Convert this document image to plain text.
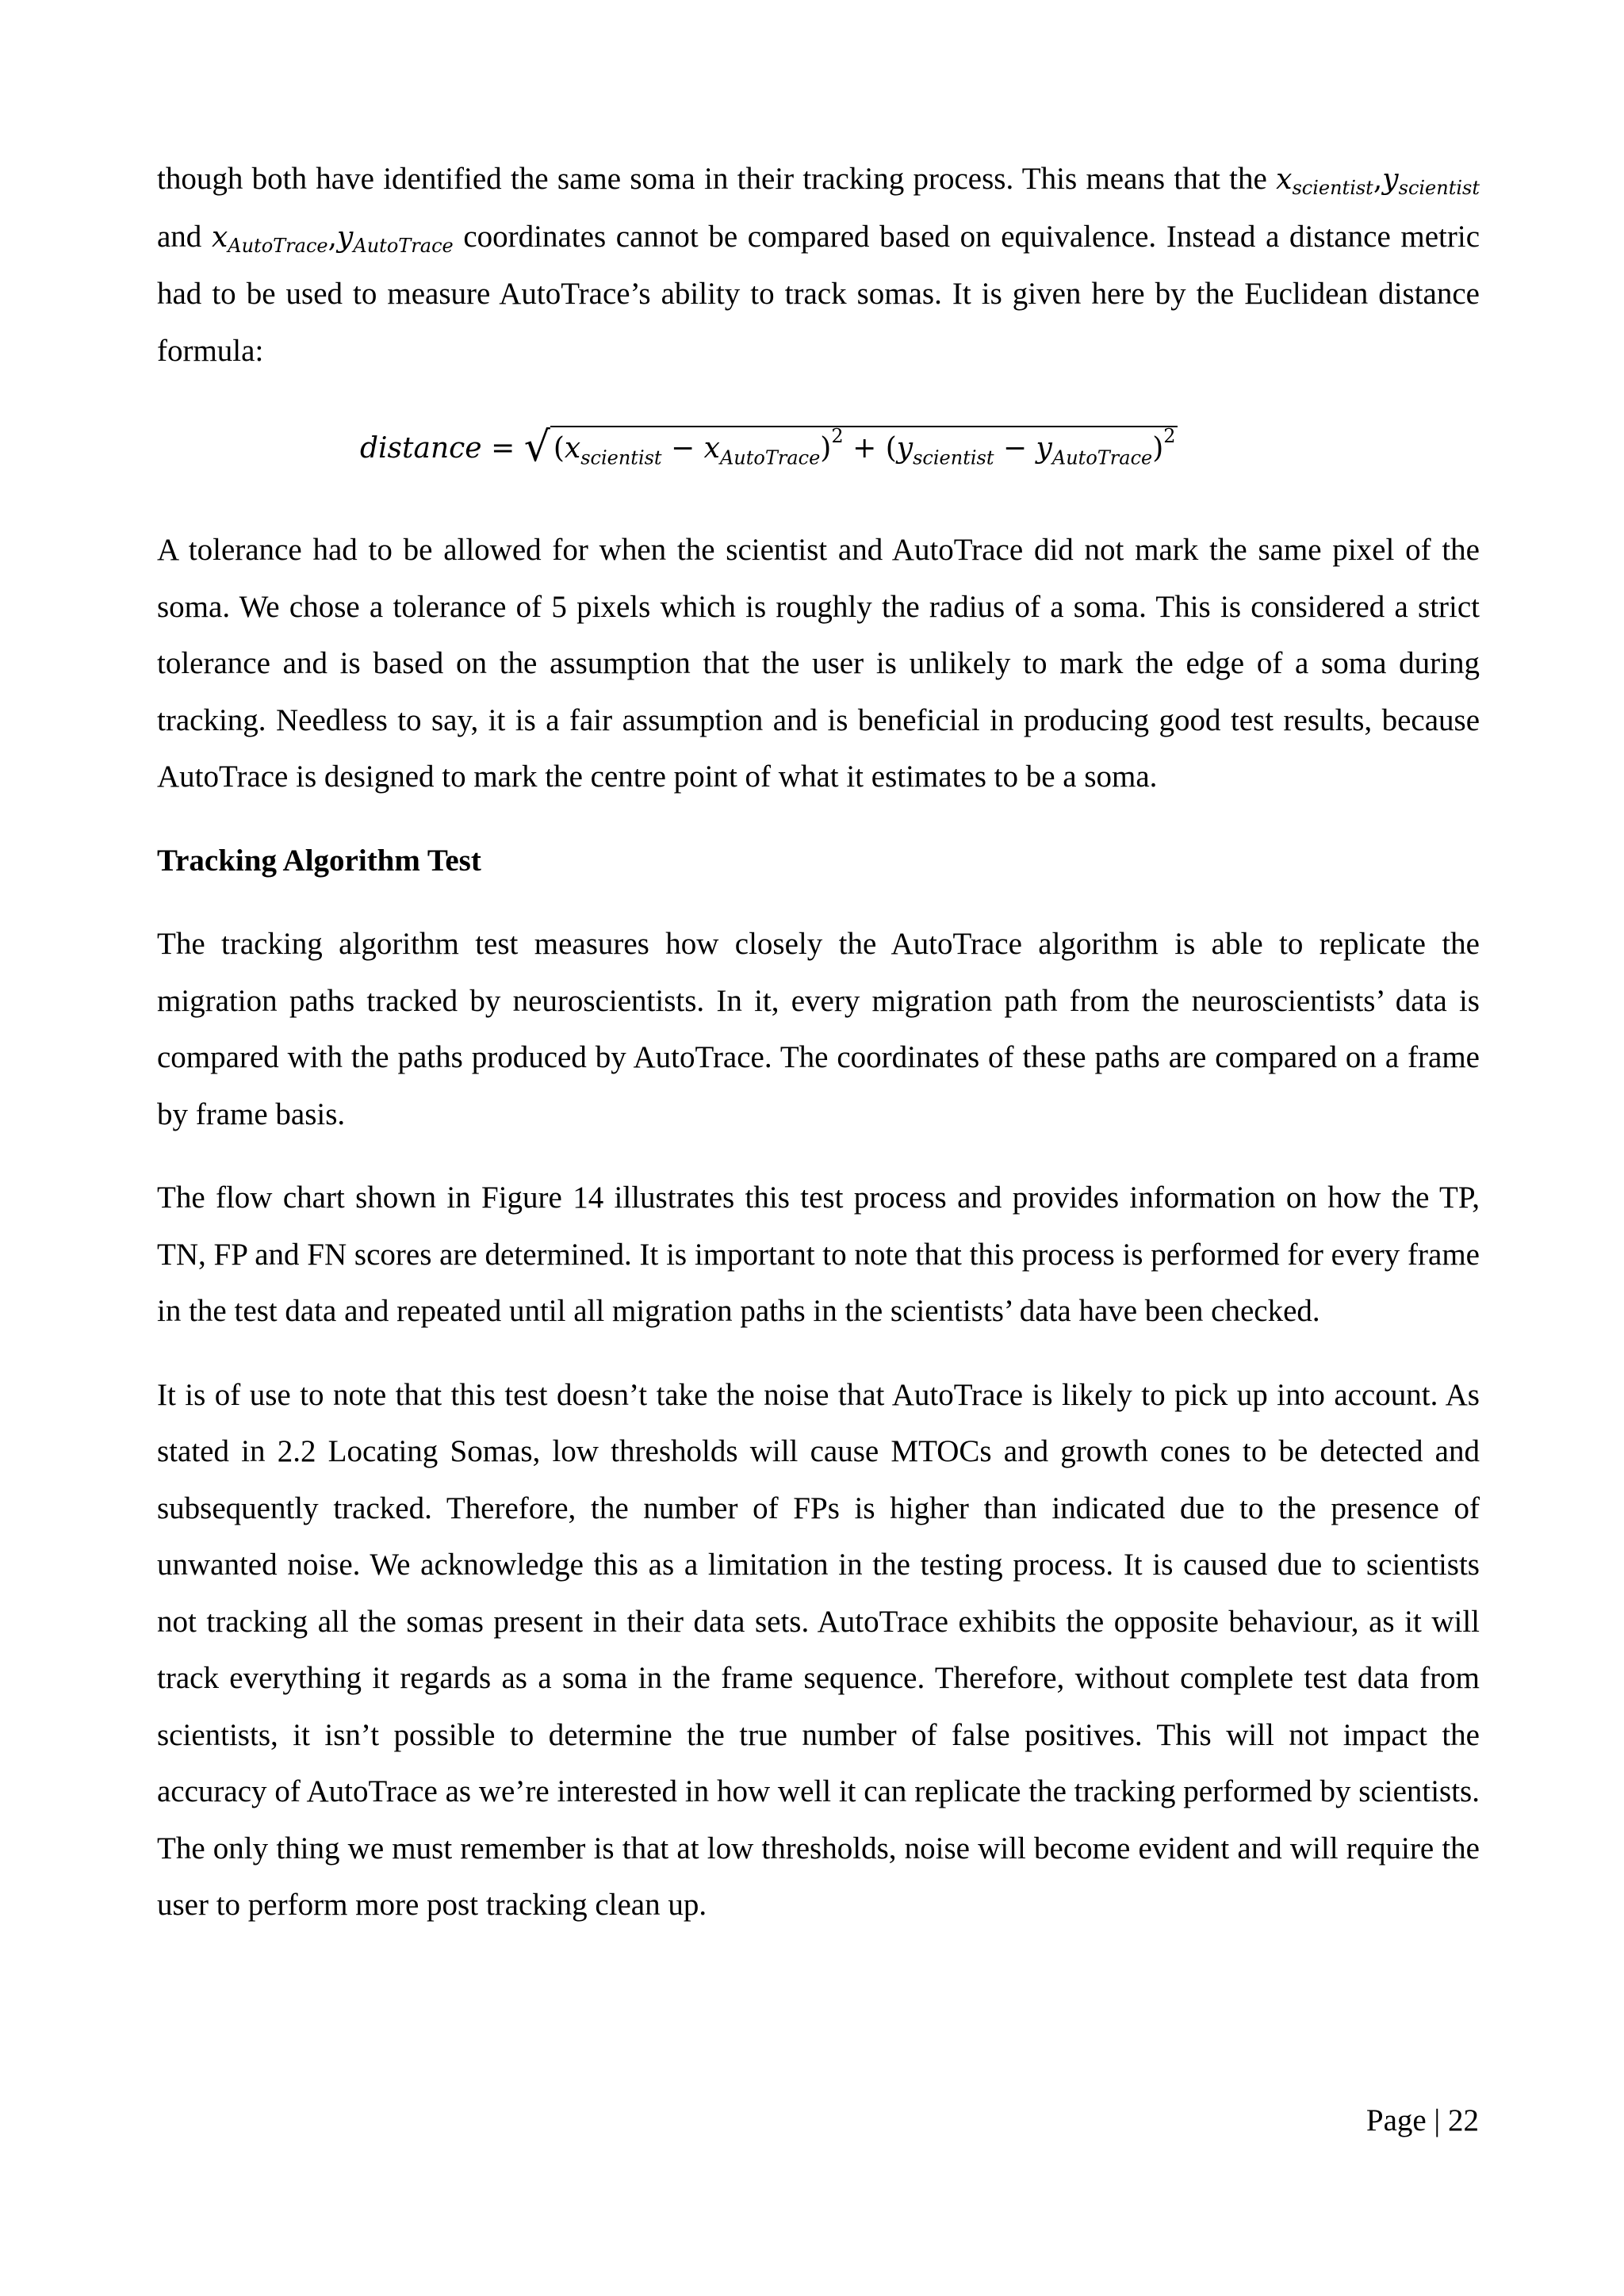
though both have identified the same soma in their tracking process. This means that the $x_{scientist},y_{scientist}$ and $x_{AutoTrace},y_{AutoTrace}$ coordinates cannot be compared based on equivalence. Instead a distance metric had to be used to measure AutoTrace’s ability to track somas. It is given here by the Euclidean distance formula:

distance = √ $(x_{scientist} - x_{AutoTrace})^2 + (y_{scientist} - y_{AutoTrace})^2$

A tolerance had to be allowed for when the scientist and AutoTrace did not mark the same pixel of the soma. We chose a tolerance of 5 pixels which is roughly the radius of a soma. This is considered a strict tolerance and is based on the assumption that the user is unlikely to mark the edge of a soma during tracking. Needless to say, it is a fair assumption and is beneficial in producing good test results, because AutoTrace is designed to mark the centre point of what it estimates to be a soma.

Tracking Algorithm Test

The tracking algorithm test measures how closely the AutoTrace algorithm is able to replicate the migration paths tracked by neuroscientists. In it, every migration path from the neuroscientists’ data is compared with the paths produced by AutoTrace. The coordinates of these paths are compared on a frame by frame basis.

The flow chart shown in Figure 14 illustrates this test process and provides information on how the TP, TN, FP and FN scores are determined. It is important to note that this process is performed for every frame in the test data and repeated until all migration paths in the scientists’ data have been checked.

It is of use to note that this test doesn’t take the noise that AutoTrace is likely to pick up into account. As stated in 2.2 Locating Somas, low thresholds will cause MTOCs and growth cones to be detected and subsequently tracked. Therefore, the number of FPs is higher than indicated due to the presence of unwanted noise. We acknowledge this as a limitation in the testing process. It is caused due to scientists not tracking all the somas present in their data sets. AutoTrace exhibits the opposite behaviour, as it will track everything it regards as a soma in the frame sequence. Therefore, without complete test data from scientists, it isn’t possible to determine the true number of false positives. This will not impact the accuracy of AutoTrace as we’re interested in how well it can replicate the tracking performed by scientists. The only thing we must remember is that at low thresholds, noise will become evident and will require the user to perform more post tracking clean up.

Page | 22
